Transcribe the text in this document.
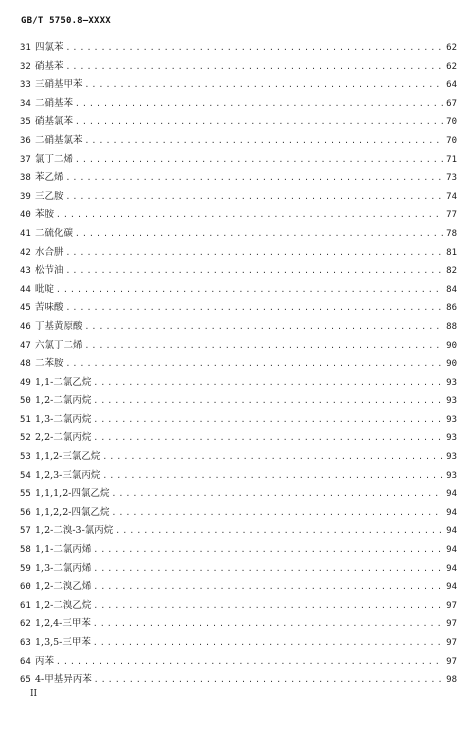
GB/T 5750.8—XXXX
31 四氯苯 .....	62
32 硝基苯 .....	62
33 三硝基甲苯 .....	64
34 二硝基苯 .....	67
35 硝基氯苯 .....	70
36 二硝基氯苯 .....	70
37 氯丁二烯 .....	71
38 苯乙烯 .....	73
39 三乙胺 .....	74
40 苯胺 .....	77
41 二硫化碳 .....	78
42 水合肼 .....	81
43 松节油 .....	82
44 吡啶 .....	84
45 苦味酸 .....	86
46 丁基黄原酸 .....	88
47 六氯丁二烯 .....	90
48 二苯胺 .....	90
49 1,1-二氯乙烷 .....	93
50 1,2-二氯丙烷 .....	93
51 1,3-二氯丙烷 .....	93
52 2,2-二氯丙烷 .....	93
53 1,1,2-三氯乙烷 .....	93
54 1,2,3-三氯丙烷 .....	93
55 1,1,1,2-四氯乙烷 .....	94
56 1,1,2,2-四氯乙烷 .....	94
57 1,2-二溴-3-氯丙烷 .....	94
58 1,1-二氯丙烯 .....	94
59 1,3-二氯丙烯 .....	94
60 1,2-二溴乙烯 .....	94
61 1,2-二溴乙烷 .....	97
62 1,2,4-三甲苯 .....	97
63 1,3,5-三甲苯 .....	97
64 丙苯 .....	97
65 4-甲基异丙苯 .....	98
II
